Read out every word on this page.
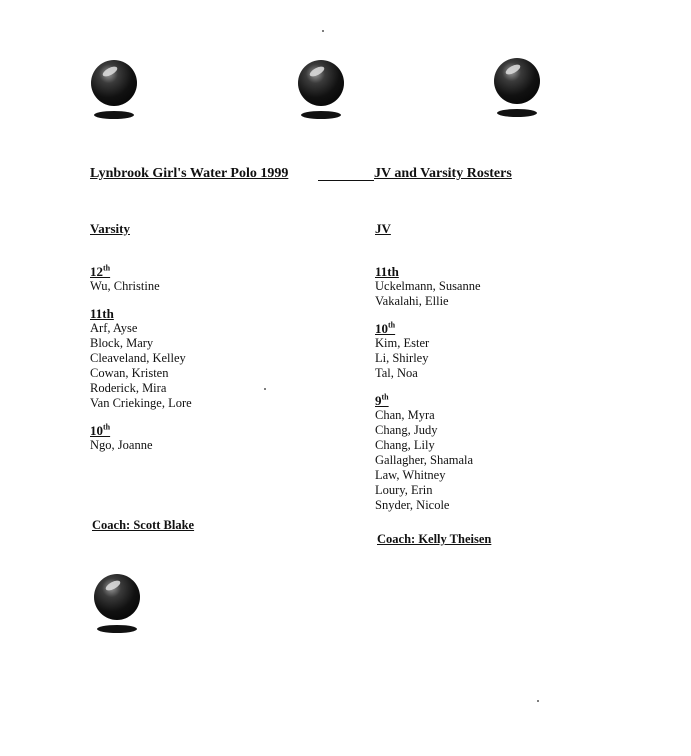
Lynbrook Girl's Water Polo 1999	JV and Varsity Rosters
Varsity
12th
Wu, Christine
11th
Arf, Ayse
Block, Mary
Cleaveland, Kelley
Cowan, Kristen
Roderick, Mira
Van Criekinge, Lore
10th
Ngo, Joanne
Coach: Scott Blake
JV
11th
Uckelmann, Susanne
Vakalahi, Ellie
10th
Kim, Ester
Li, Shirley
Tal, Noa
9th
Chan, Myra
Chang, Judy
Chang, Lily
Gallagher, Shamala
Law, Whitney
Loury, Erin
Snyder, Nicole
Coach: Kelly Theisen
